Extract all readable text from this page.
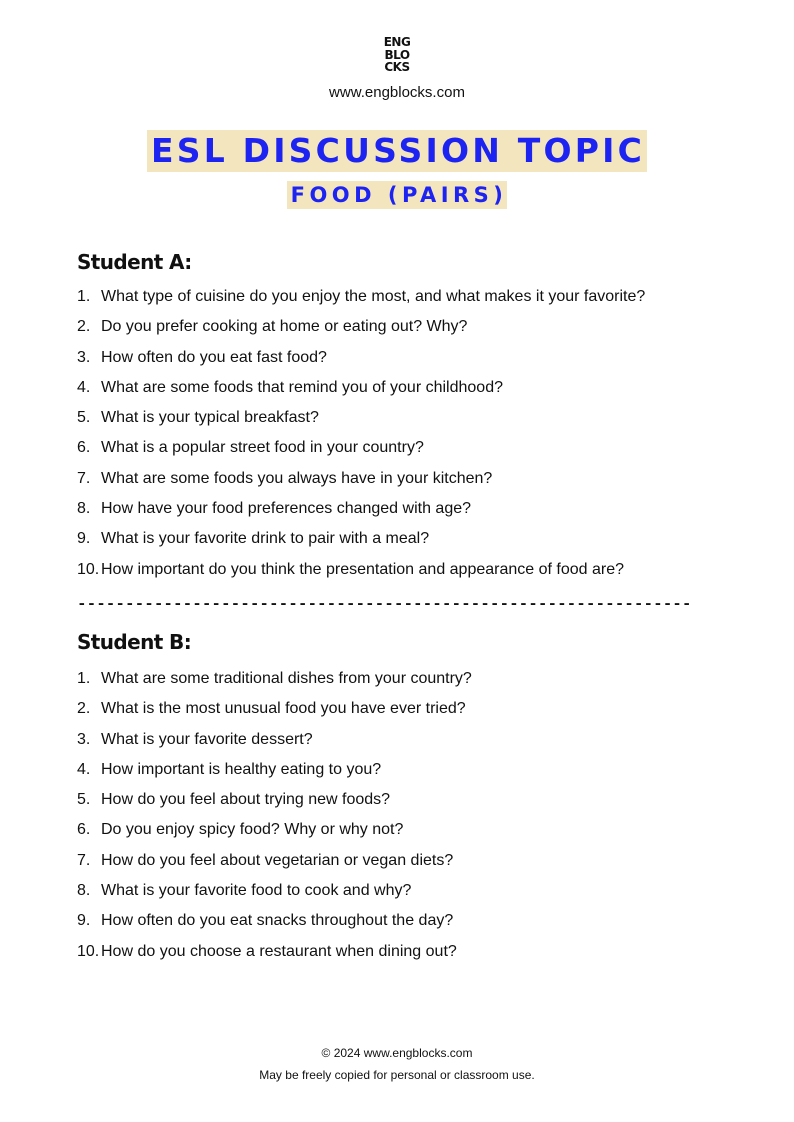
ENG
BLO
CKS
www.engblocks.com
ESL DISCUSSION TOPIC
FOOD (PAIRS)
Student A:
1. What type of cuisine do you enjoy the most, and what makes it your favorite?
2. Do you prefer cooking at home or eating out? Why?
3. How often do you eat fast food?
4. What are some foods that remind you of your childhood?
5. What is your typical breakfast?
6. What is a popular street food in your country?
7. What are some foods you always have in your kitchen?
8. How have your food preferences changed with age?
9. What is your favorite drink to pair with a meal?
10. How important do you think the presentation and appearance of food are?
----------------------------------------------------------------
Student B:
1. What are some traditional dishes from your country?
2. What is the most unusual food you have ever tried?
3. What is your favorite dessert?
4. How important is healthy eating to you?
5. How do you feel about trying new foods?
6. Do you enjoy spicy food? Why or why not?
7. How do you feel about vegetarian or vegan diets?
8. What is your favorite food to cook and why?
9. How often do you eat snacks throughout the day?
10. How do you choose a restaurant when dining out?
© 2024 www.engblocks.com
May be freely copied for personal or classroom use.
